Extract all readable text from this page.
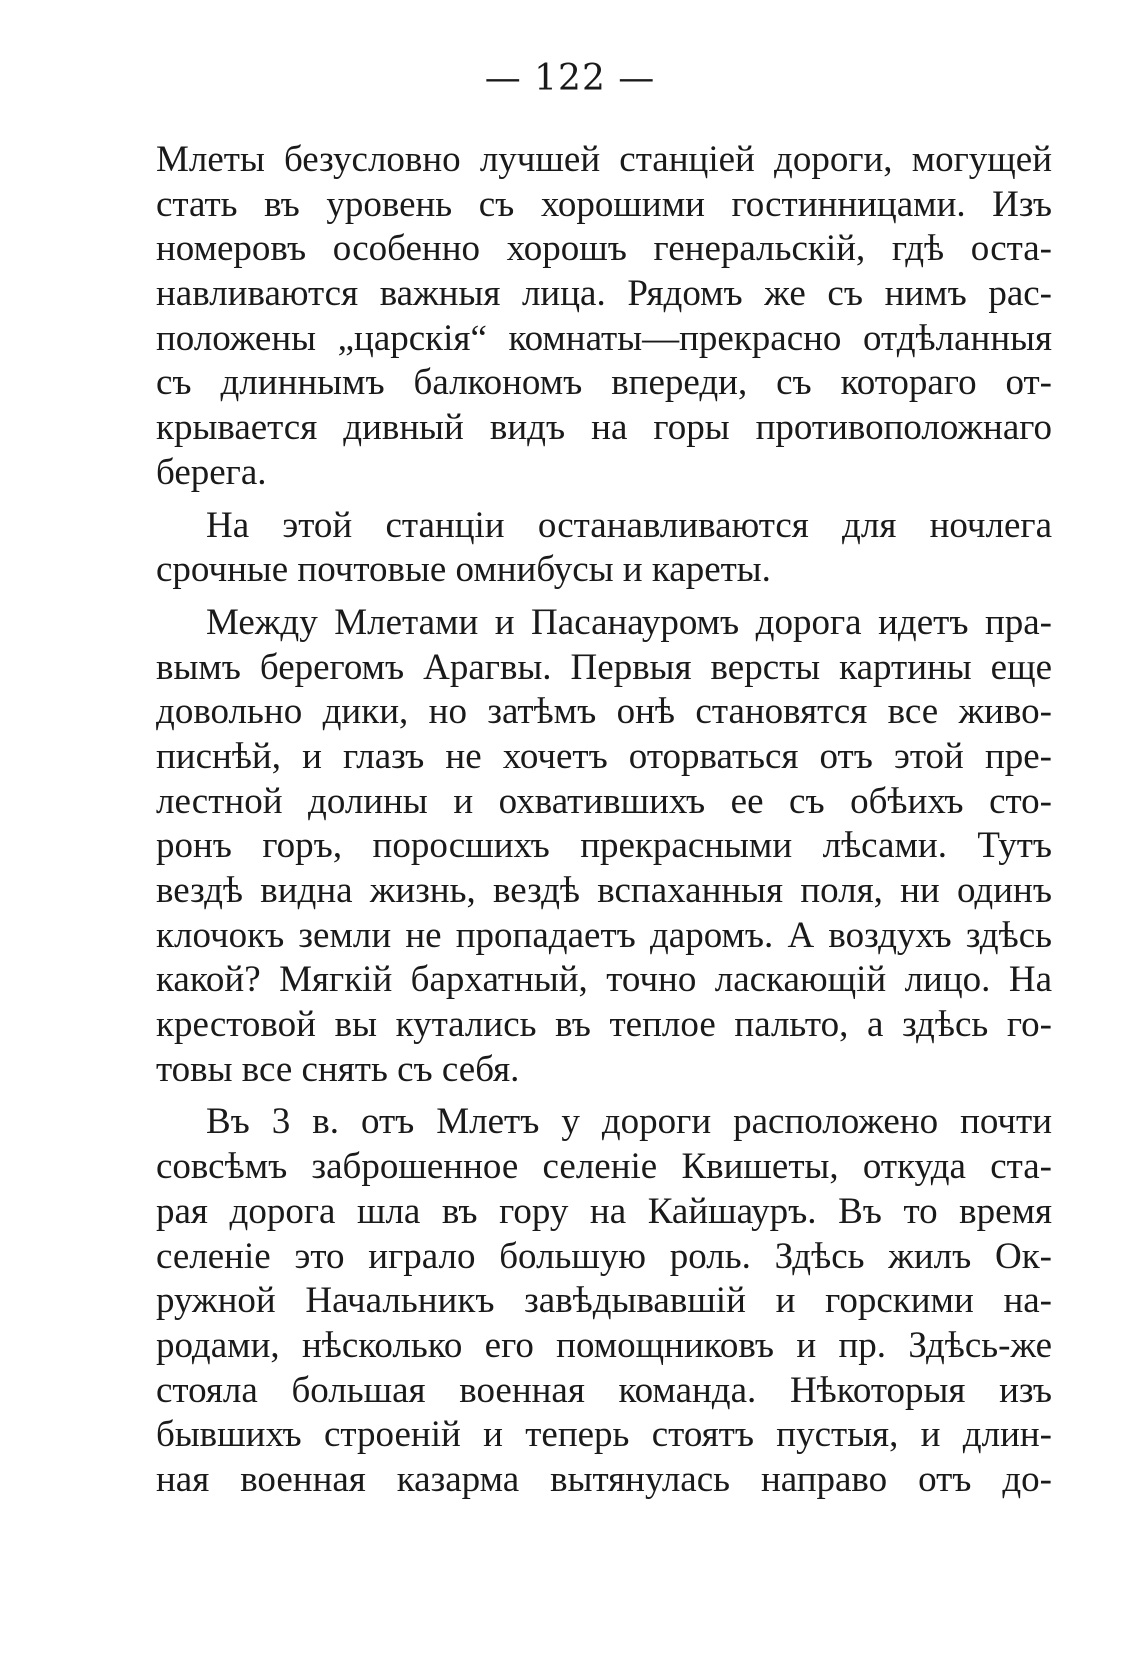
— 122 —
Млеты безусловно лучшей станціей дороги, могущей
стать въ уровень съ хорошими гостинницами. Изъ
номеровъ особенно хорошъ генеральскій, гдѣ оста-
навливаются важныя лица. Рядомъ же съ нимъ рас-
положены „царскія“ комнаты—прекрасно отдѣланныя
съ длиннымъ балкономъ впереди, съ котораго от-
крывается дивный видъ на горы противоположнаго
берега.
На этой станціи останавливаются для ночлега
срочные почтовые омнибусы и кареты.
Между Млетами и Пасанауромъ дорога идетъ пра-
вымъ берегомъ Арагвы. Первыя версты картины еще
довольно дики, но затѣмъ онѣ становятся все живо-
писнѣй, и глазъ не хочетъ оторваться отъ этой пре-
лестной долины и охватившихъ ее съ обѣихъ сто-
ронъ горъ, поросшихъ прекрасными лѣсами. Тутъ
вездѣ видна жизнь, вездѣ вспаханныя поля, ни одинъ
клочокъ земли не пропадаетъ даромъ. А воздухъ здѣсь
какой? Мягкій бархатный, точно ласкающій лицо. На
крестовой вы кутались въ теплое пальто, а здѣсь го-
товы все снять съ себя.
Въ 3 в. отъ Млетъ у дороги расположено почти
совсѣмъ заброшенное селеніе Квишеты, откуда ста-
рая дорога шла въ гору на Кайшауръ. Въ то время
селеніе это играло большую роль. Здѣсь жилъ Ок-
ружной Начальникъ завѣдывавшій и горскими на-
родами, нѣсколько его помощниковъ и пр. Здѣсь-же
стояла большая военная команда. Нѣкоторыя изъ
бывшихъ строеній и теперь стоятъ пустыя, и длин-
ная военная казарма вытянулась направо отъ до-
